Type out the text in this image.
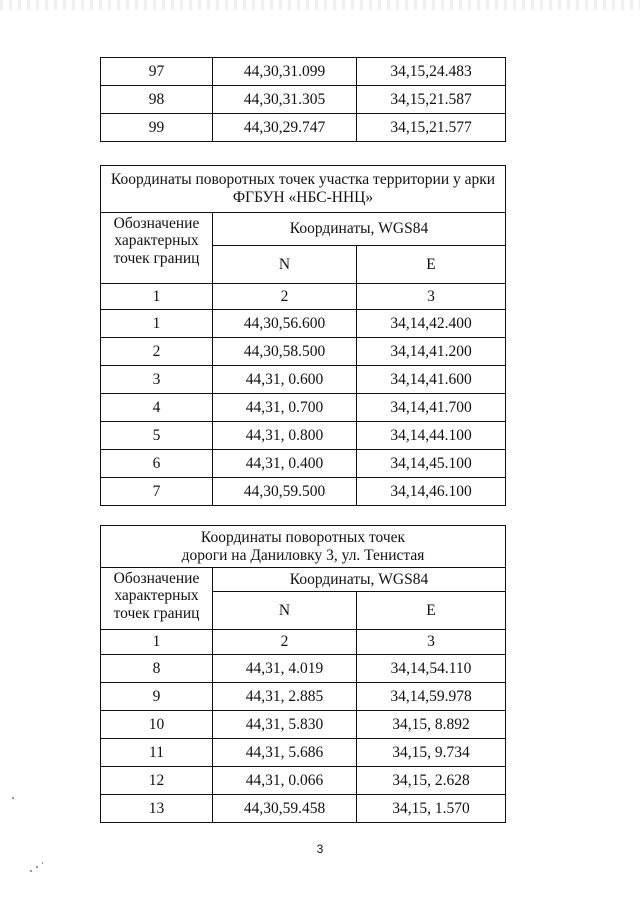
97	44,30,31.099	34,15,24.483
98	44,30,31.305	34,15,21.587
99	44,30,29.747	34,15,21.577
Координаты поворотных точек участка территории у арки ФГБУН «НБС-ННЦ»		
Обозначение характерных точек границ	Координаты, WGS84	
	N	E
1	2	3
1	44,30,56.600	34,14,42.400
2	44,30,58.500	34,14,41.200
3	44,31, 0.600	34,14,41.600
4	44,31, 0.700	34,14,41.700
5	44,31, 0.800	34,14,44.100
6	44,31, 0.400	34,14,45.100
7	44,30,59.500	34,14,46.100
Координаты поворотных точек
дороги на Даниловку 3, ул. Тенистая		

Обозначение характерных точек границ	Координаты, WGS84	
	N	E
1	2	3
8	44,31, 4.019	34,14,54.110
9	44,31, 2.885	34,14,59.978
10	44,31, 5.830	34,15, 8.892
11	44,31, 5.686	34,15, 9.734
12	44,31, 0.066	34,15, 2.628
13	44,30,59.458	34,15, 1.570
3
